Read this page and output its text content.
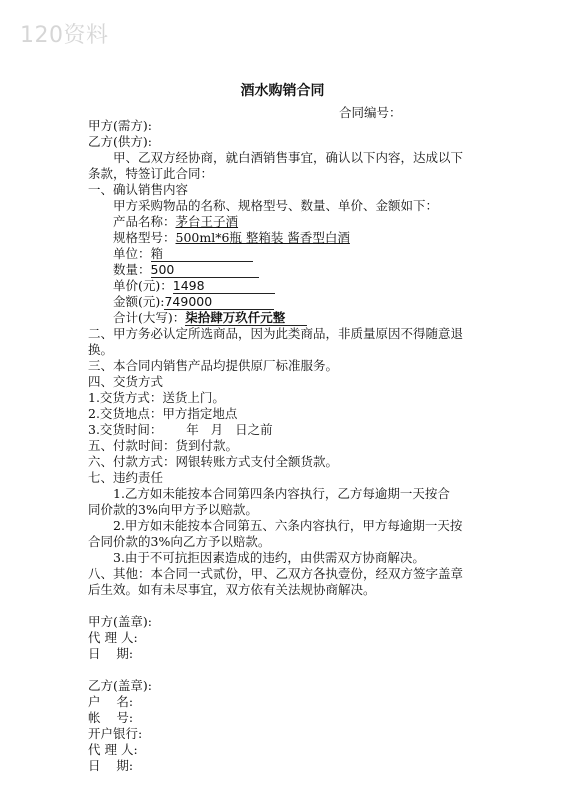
120资料
酒水购销合同
合同编号：
甲方(需方):
乙方(供方):
甲、乙双方经协商，就白酒销售事宜，确认以下内容，达成以下
条款，特签订此合同：
一、确认销售内容
甲方采购物品的名称、规格型号、数量、单价、金额如下：
产品名称：茅台王子酒
规格型号：500ml*6瓶 整箱装 酱香型白酒
单位：箱
数量：500
单价(元)：1498
金额(元):749000
合计(大写)：柒拾肆万玖仟元整
二、甲方务必认定所选商品，因为此类商品，非质量原因不得随意退
换。
三、本合同内销售产品均提供原厂标准服务。
四、交货方式
1.交货方式：送货上门。
2.交货地点：甲方指定地点
3.交货时间：      年   月   日之前
五、付款时间：货到付款。
六、付款方式：网银转账方式支付全额货款。
七、违约责任
1.乙方如未能按本合同第四条内容执行，乙方每逾期一天按合
同价款的3%向甲方予以赔款。
2.甲方如未能按本合同第五、六条内容执行，甲方每逾期一天按
合同价款的3%向乙方予以赔款。
3.由于不可抗拒因素造成的违约，由供需双方协商解决。
八、其他：本合同一式贰份，甲、乙双方各执壹份，经双方签字盖章
后生效。如有未尽事宜，双方依有关法规协商解决。
甲方(盖章):
代 理 人:
日    期:
乙方(盖章):
户    名:
帐    号:
开户银行:
代 理 人:
日    期:
